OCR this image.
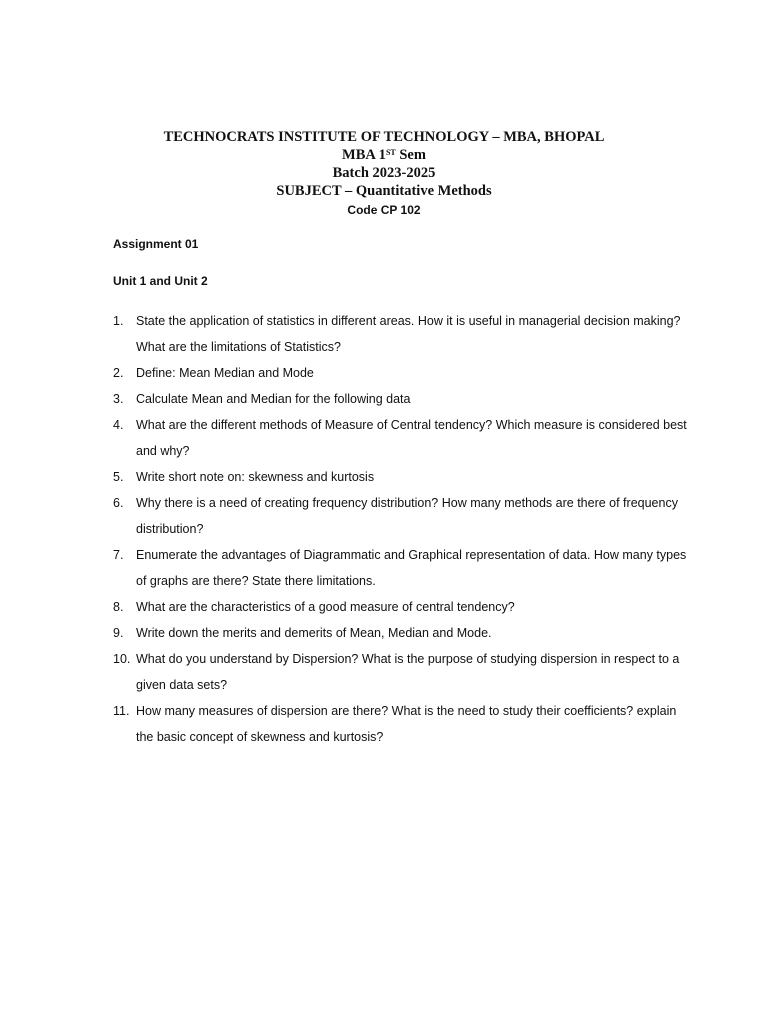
TECHNOCRATS INSTITUTE OF TECHNOLOGY – MBA, BHOPAL
MBA 1ST Sem
Batch 2023-2025
SUBJECT – Quantitative Methods
Code CP 102
Assignment 01
Unit 1 and Unit 2
1. State the application of statistics in different areas. How it is useful in managerial decision making? What are the limitations of Statistics?
2. Define: Mean Median and Mode
3. Calculate Mean and Median for the following data
4. What are the different methods of Measure of Central tendency? Which measure is considered best and why?
5. Write short note on: skewness and kurtosis
6. Why there is a need of creating frequency distribution? How many methods are there of frequency distribution?
7. Enumerate the advantages of Diagrammatic and Graphical representation of data. How many types of graphs are there? State there limitations.
8. What are the characteristics of a good measure of central tendency?
9. Write down the merits and demerits of Mean, Median and Mode.
10. What do you understand by Dispersion? What is the purpose of studying dispersion in respect to a given data sets?
11. How many measures of dispersion are there? What is the need to study their coefficients? explain the basic concept of skewness and kurtosis?
